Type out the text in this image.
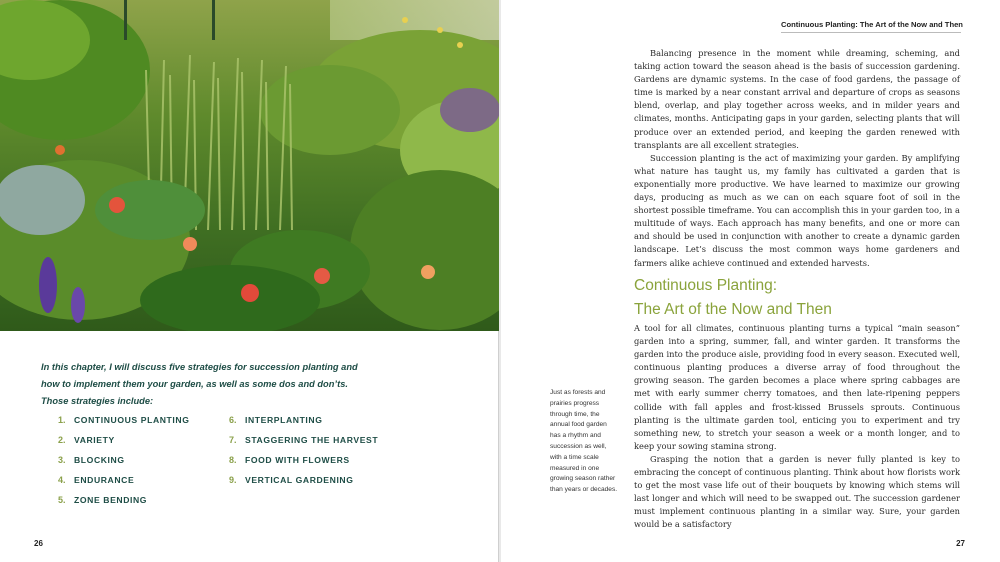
In this chapter, I will discuss five strategies for succession planting and how to implement them your garden, as well as some dos and don’ts. Those strategies include:

1. CONTINUOUS PLANTING
2. VARIETY
3. BLOCKING
4. ENDURANCE
5. ZONE BENDING
6. INTERPLANTING
7. STAGGERING THE HARVEST
8. FOOD WITH FLOWERS
9. VERTICAL GARDENING
26
Continuous Planting: The Art of the Now and Then

Balancing presence in the moment while dreaming, scheming, and taking action toward the season ahead is the basis of succession gardening. Gardens are dynamic systems. In the case of food gardens, the passage of time is marked by a near constant arrival and departure of crops as seasons blend, overlap, and play together across weeks, and in milder years and climates, months. Anticipating gaps in your garden, selecting plants that will produce over an extended period, and keeping the garden renewed with transplants are all excellent strategies.

Succession planting is the act of maximizing your garden. By amplifying what nature has taught us, my family has cultivated a garden that is exponentially more productive. We have learned to maximize our growing days, producing as much as we can on each square foot of soil in the shortest possible timeframe. You can accomplish this in your garden too, in a multitude of ways. Each approach has many benefits, and one or more can and should be used in conjunction with another to create a dynamic garden landscape. Let’s discuss the most common ways home gardeners and farmers alike achieve continued and extended harvests.

Continuous Planting:
The Art of the Now and Then

A tool for all climates, continuous planting turns a typical “main season” garden into a spring, summer, fall, and winter garden. It transforms the garden into the produce aisle, providing food in every season. Executed well, continuous planting produces a diverse array of food throughout the growing season. The garden becomes a place where spring cabbages are met with early summer cherry tomatoes, and then late-ripening peppers collide with fall apples and frost-kissed Brussels sprouts. Continuous planting is the ultimate garden tool, enticing you to experiment and try something new, to stretch your season a week or a month longer, and to keep your sowing stamina strong.

Grasping the notion that a garden is never fully planted is key to embracing the concept of continuous planting. Think about how florists work to get the most vase life out of their bouquets by knowing which stems will last longer and which will need to be swapped out. The succession gardener must implement continuous planting in a similar way. Sure, your garden would be a satisfactory

Just as forests and prairies progress through time, the annual food garden has a rhythm and succession as well, with a time scale measured in one growing season rather than years or decades.

27
